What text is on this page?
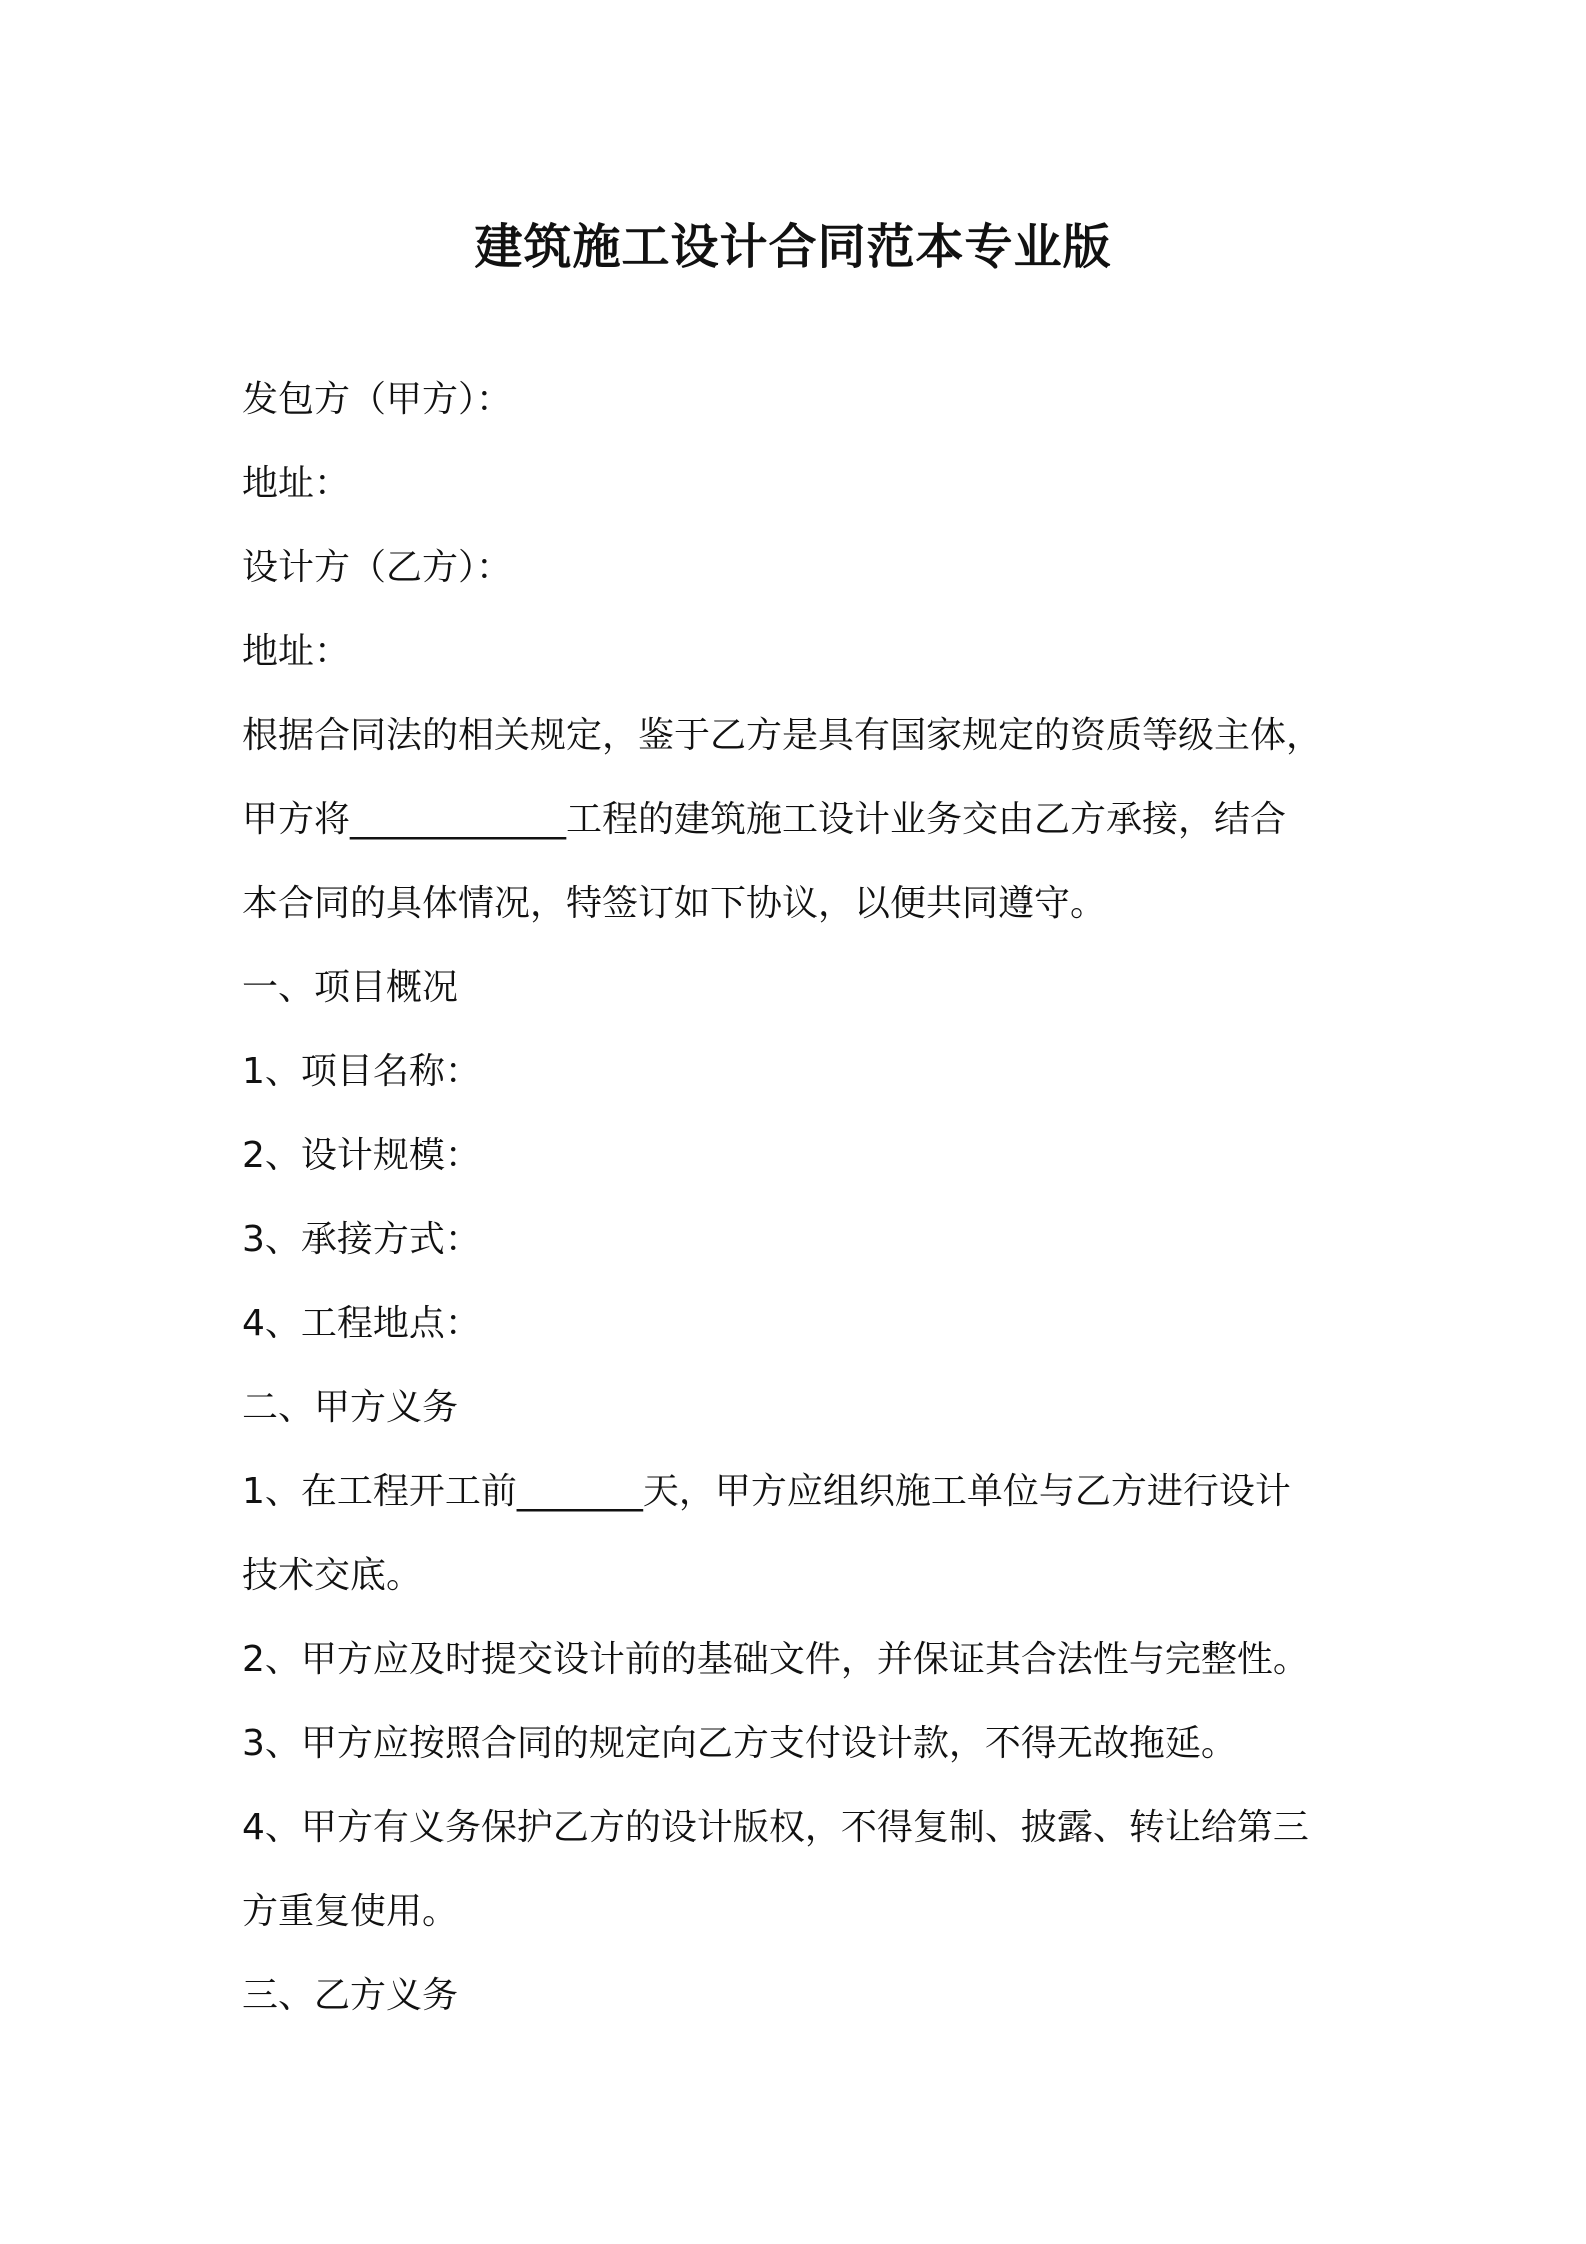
建筑施工设计合同范本专业版

发包方（甲方）：

地址：

设计方（乙方）：

地址：

根据合同法的相关规定，鉴于乙方是具有国家规定的资质等级主体，

甲方将____________工程的建筑施工设计业务交由乙方承接，结合

本合同的具体情况，特签订如下协议，以便共同遵守。

一、项目概况

1、项目名称：

2、设计规模：

3、承接方式：

4、工程地点：

二、甲方义务

1、在工程开工前_______天，甲方应组织施工单位与乙方进行设计

技术交底。

2、甲方应及时提交设计前的基础文件，并保证其合法性与完整性。

3、甲方应按照合同的规定向乙方支付设计款，不得无故拖延。

4、甲方有义务保护乙方的设计版权，不得复制、披露、转让给第三

方重复使用。

三、乙方义务
